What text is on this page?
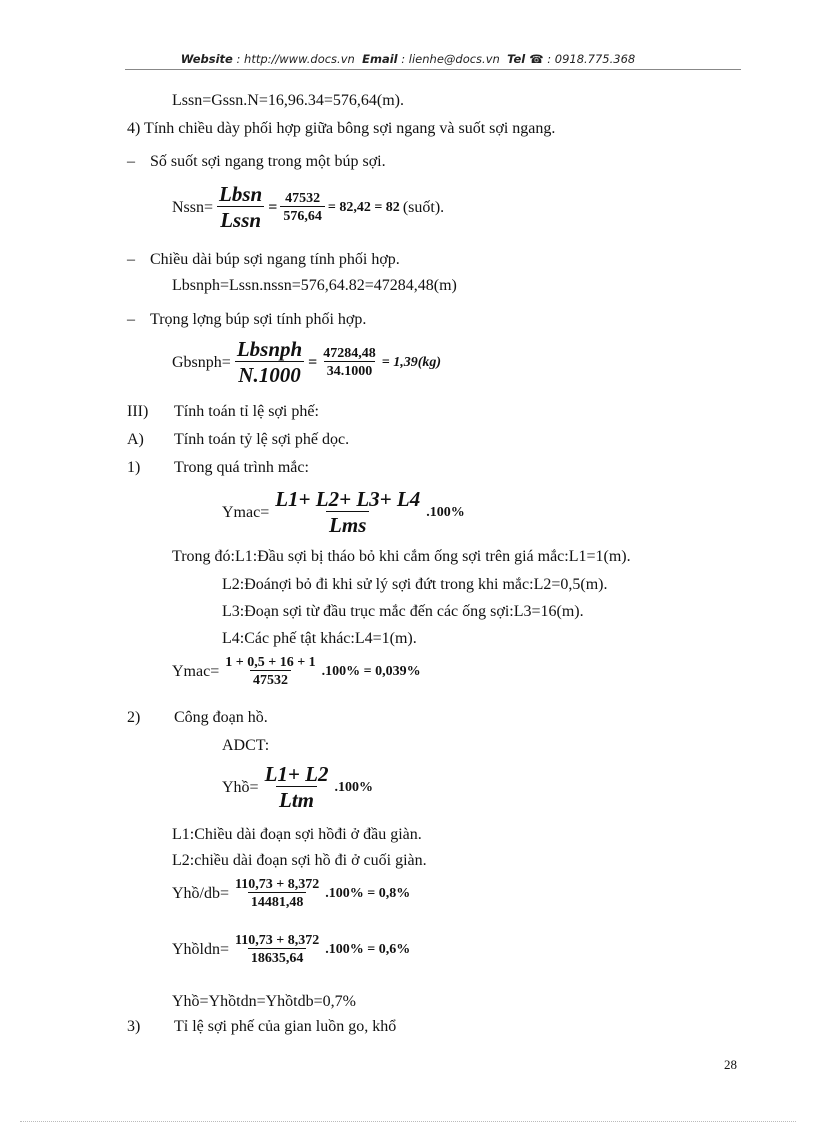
Website : http://www.docs.vn Email : lienhe@docs.vn Tel ☎ : 0918.775.368
Lssn=Gssn.N=16,96.34=576,64(m).
4) Tính chiều dày phối hợp giữa bông sợi ngang và suốt sợi ngang.
– Số suốt sợi ngang trong một búp sợi.
Nssn=
Lbsn
Lssn
= $\frac{47532}{576,64} = 82,42 = 82$ (suốt).
– Chiều dài búp sợi ngang tính phối hợp.
Lbsnph=Lssn.nssn=576,64.82=47284,48(m)
– Trọng lợng búp sợi tính phối hợp.
Gbsnph=
Lbsnph
N.1000
= $\frac{47284,48}{34.1000} = 1,39(kg)$
III) Tính toán tỉ lệ sợi phế:
A) Tính toán tỷ lệ sợi phế dọc.
1) Trong quá trình mắc:
Ymac=
L1+ L2+ L3+ L4
Lms
.100%
Trong đó:L1:Đầu sợi bị tháo bỏ khi cắm ống sợi trên giá mắc:L1=1(m).
L2:Đoánợi bỏ đi khi sử lý sợi đứt trong khi mắc:L2=0,5(m).
L3:Đoạn sợi từ đầu trục mắc đến các ống sợi:L3=16(m).
L4:Các phế tật khác:L4=1(m).
Ymac= $\frac{1 + 0,5 + 16 + 1}{47532} .100\% = 0,039\%$
2) Công đoạn hồ.
ADCT:
Yhồ=
L1+ L2
Ltm
.100%
L1:Chiều dài đoạn sợi hồđi ở đầu giàn.
L2:chiều dài đoạn sợi hồ đi ở cuối giàn.
Yhồ/db= $\frac{110,73 + 8,372}{14481,48} .100\% = 0,8\%$
Yhồldn= $\frac{110,73 + 8,372}{18635,64} .100\% = 0,6\%$
Yhồ=Yhồtdn=Yhồtdb=0,7%
3) Tỉ lệ sợi phế của gian luồn go, khổ
28
